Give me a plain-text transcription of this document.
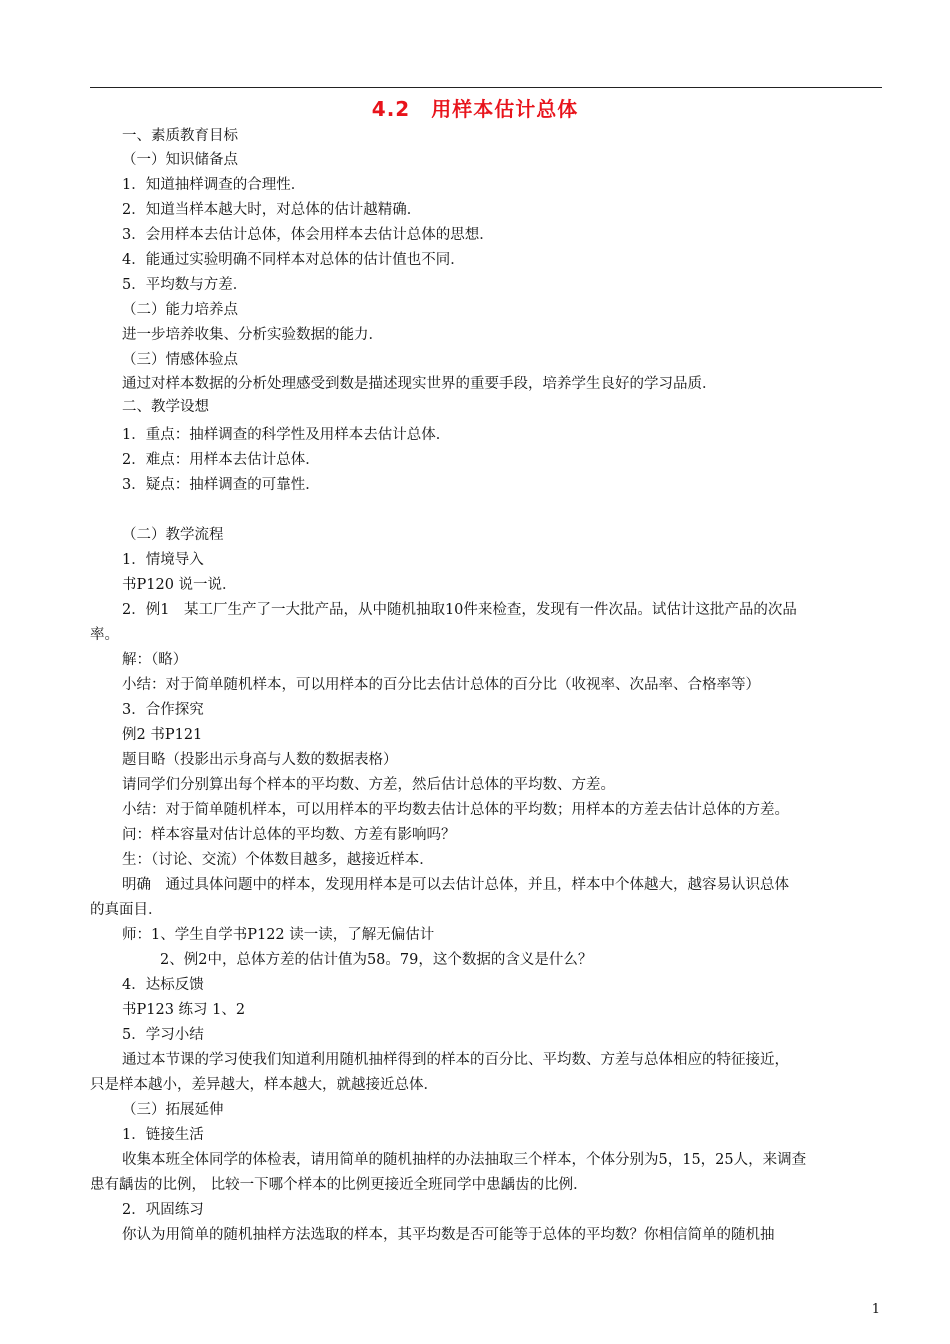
4.2　用样本估计总体
一、素质教育目标
（一）知识储备点
1．知道抽样调查的合理性．
2．知道当样本越大时，对总体的估计越精确．
3．会用样本去估计总体，体会用样本去估计总体的思想．
4．能通过实验明确不同样本对总体的估计值也不同．
5．平均数与方差．
（二）能力培养点
进一步培养收集、分析实验数据的能力．
（三）情感体验点
通过对样本数据的分析处理感受到数是描述现实世界的重要手段，培养学生良好的学习品质．
二、教学设想
1．重点：抽样调查的科学性及用样本去估计总体．
2．难点：用样本去估计总体．
3．疑点：抽样调查的可靠性．
（二）教学流程
1．情境导入
书P120 说一说．
2．例1　某工厂生产了一大批产品，从中随机抽取10件来检查，发现有一件次品。试估计这批产品的次品
率。
解：（略）
小结：对于简单随机样本，可以用样本的百分比去估计总体的百分比（收视率、次品率、合格率等）
3．合作探究
例2 书P121
题目略（投影出示身高与人数的数据表格）
请同学们分别算出每个样本的平均数、方差，然后估计总体的平均数、方差。
小结：对于简单随机样本，可以用样本的平均数去估计总体的平均数；用样本的方差去估计总体的方差。
问：样本容量对估计总体的平均数、方差有影响吗？
生：（讨论、交流）个体数目越多，越接近样本．
明确　通过具体问题中的样本，发现用样本是可以去估计总体，并且，样本中个体越大，越容易认识总体
的真面目．
师：1、学生自学书P122 读一读，了解无偏估计
2、例2中，总体方差的估计值为58。79，这个数据的含义是什么？
4．达标反馈
书P123 练习 1、2
5．学习小结
通过本节课的学习使我们知道利用随机抽样得到的样本的百分比、平均数、方差与总体相应的特征接近，
只是样本越小，差异越大，样本越大，就越接近总体．
（三）拓展延伸
1．链接生活
收集本班全体同学的体检表，请用简单的随机抽样的办法抽取三个样本，个体分别为5，15，25人，来调查
患有龋齿的比例， 比较一下哪个样本的比例更接近全班同学中患龋齿的比例．
2．巩固练习
你认为用简单的随机抽样方法选取的样本，其平均数是否可能等于总体的平均数？你相信简单的随机抽
1
